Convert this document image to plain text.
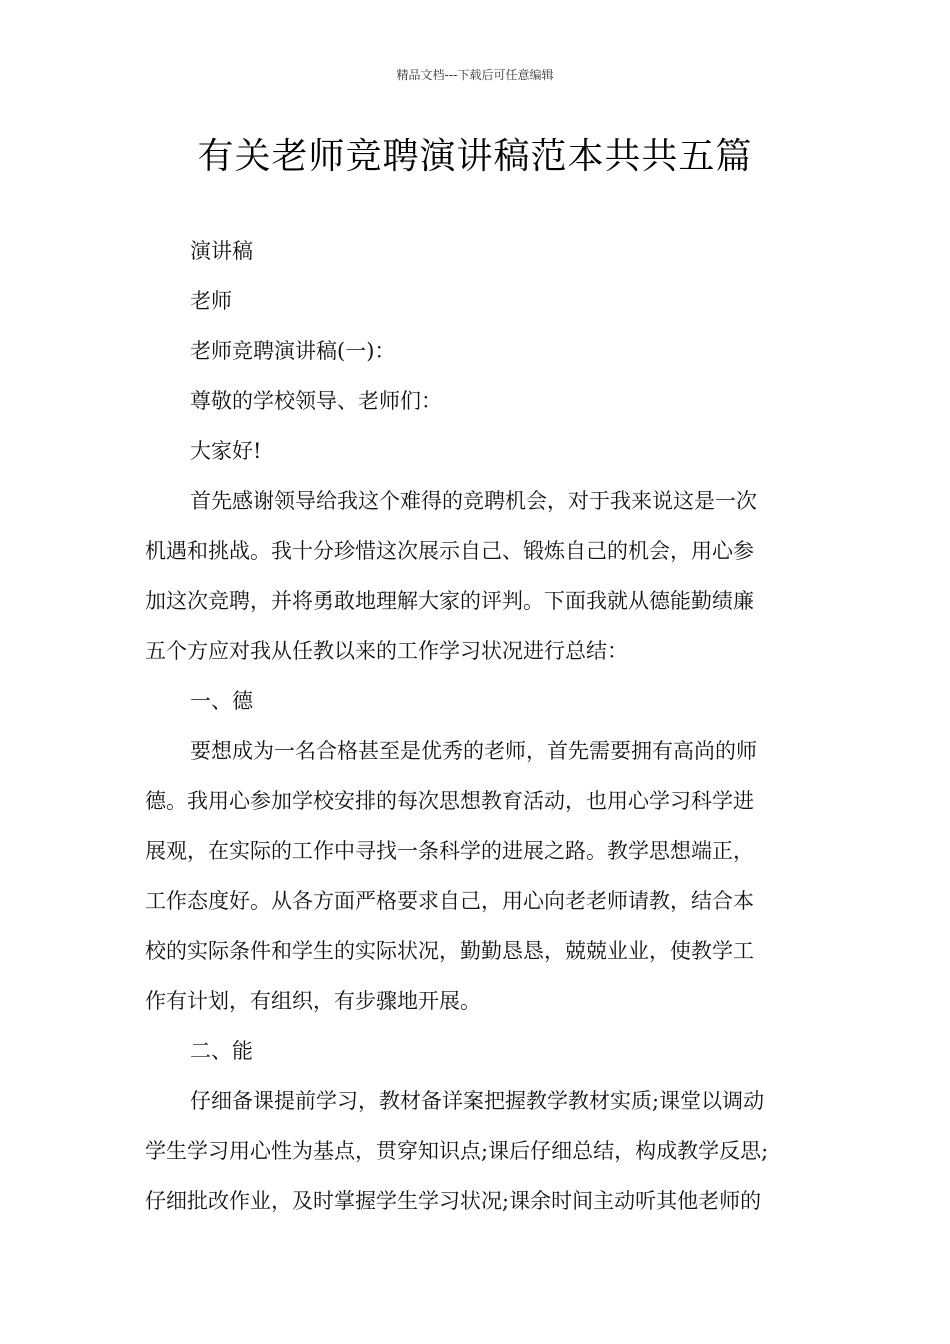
精品文档---下载后可任意编辑
有关老师竞聘演讲稿范本共共五篇
演讲稿
老师
老师竞聘演讲稿(一)：
尊敬的学校领导、老师们：
大家好!
首先感谢领导给我这个难得的竞聘机会，对于我来说这是一次
机遇和挑战。我十分珍惜这次展示自己、锻炼自己的机会，用心参
加这次竞聘，并将勇敢地理解大家的评判。下面我就从德能勤绩廉
五个方应对我从任教以来的工作学习状况进行总结：
一、德
要想成为一名合格甚至是优秀的老师，首先需要拥有高尚的师
德。我用心参加学校安排的每次思想教育活动，也用心学习科学进
展观，在实际的工作中寻找一条科学的进展之路。教学思想端正，
工作态度好。从各方面严格要求自己，用心向老老师请教，结合本
校的实际条件和学生的实际状况，勤勤恳恳，兢兢业业，使教学工
作有计划，有组织，有步骤地开展。
二、能
仔细备课提前学习，教材备详案把握教学教材实质;课堂以调动
学生学习用心性为基点，贯穿知识点;课后仔细总结，构成教学反思;
仔细批改作业，及时掌握学生学习状况;课余时间主动听其他老师的
